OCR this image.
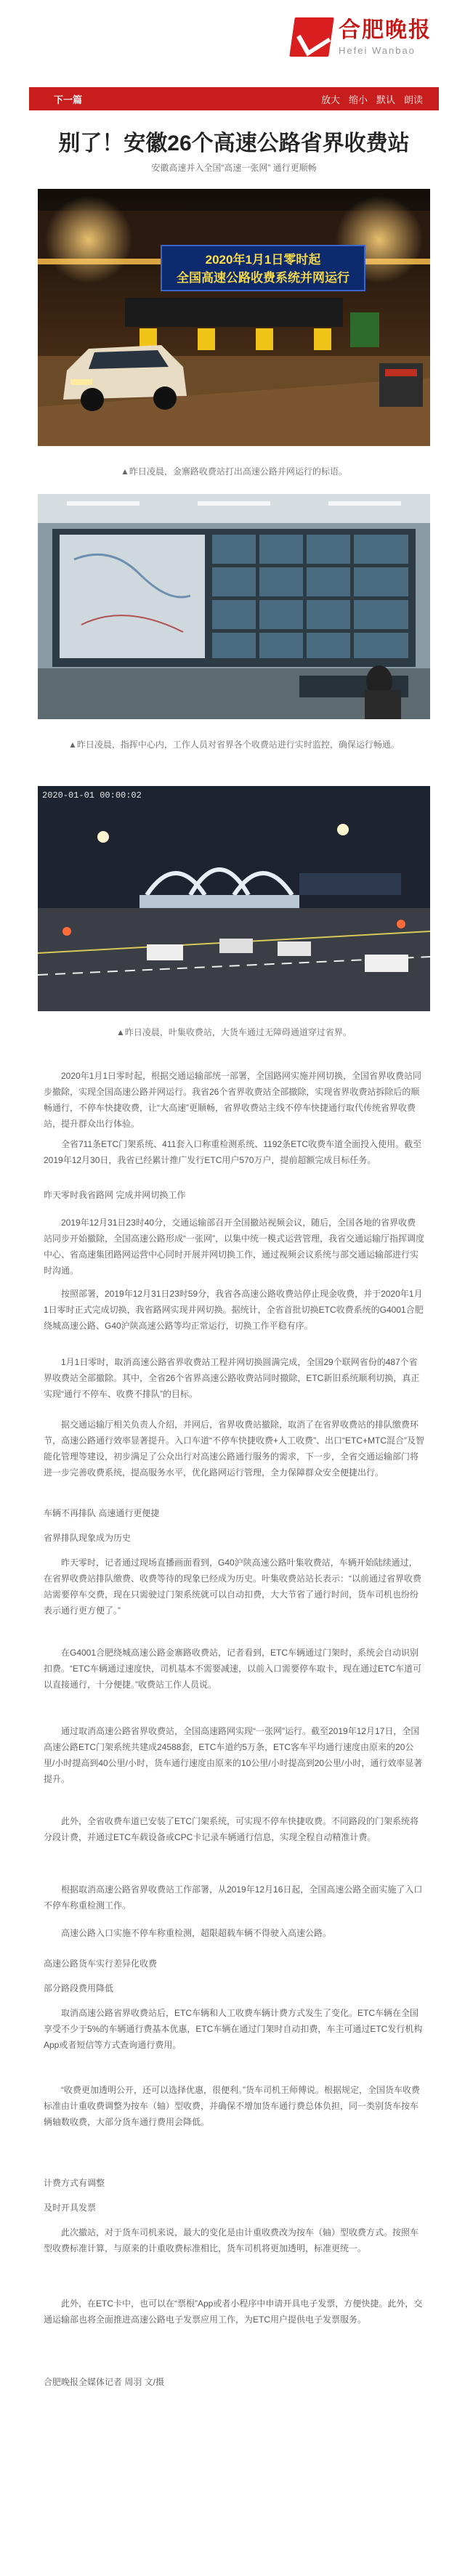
合肥晚报
Hefei Wanbao
下一篇	放大 缩小 默认 朗读
别了！安徽26个高速公路省界收费站
安徽高速并入全国“高速一张网” 通行更顺畅
2020年1月1日零时起
全国高速公路收费系统并网运行
▲昨日凌晨，金寨路收费站打出高速公路并网运行的标语。
▲昨日凌晨，指挥中心内，工作人员对省界各个收费站进行实时监控，确保运行畅通。
2020-01-01 00:00:02
▲昨日凌晨，叶集收费站，大货车通过无障碍通道穿过省界。

2020年1月1日零时起，根据交通运输部统一部署，全国路网实施并网切换，全国省界收费站同步撤除，实现全国高速公路并网运行。我省26个省界收费站全部撤除，实现省界收费站拆除后的顺畅通行，不停车快捷收费，让“大高速”更顺畅，省界收费站主线不停车快捷通行取代传统省界收费站，提升群众出行体验。

全省711条ETC门架系统、411套入口称重检测系统、1192条ETC收费车道全面投入使用。截至2019年12月30日，我省已经累计推广发行ETC用户570万户，提前超额完成目标任务。

昨天零时我省路网 完成并网切换工作

2019年12月31日23时40分，交通运输部召开全国撤站视频会议，随后，全国各地的省界收费站同步开始撤除，全国高速公路形成“一张网”，以集中统一模式运营管理，我省交通运输厅指挥调度中心、省高速集团路网运营中心同时开展并网切换工作，通过视频会议系统与部交通运输部进行实时沟通。

按照部署，2019年12月31日23时59分，我省各高速公路收费站停止现金收费，并于2020年1月1日零时正式完成切换，我省路网实现并网切换。据统计，全省首批切换ETC收费系统的G4001合肥绕城高速公路、G40沪陕高速公路等均正常运行，切换工作平稳有序。

1月1日零时，取消高速公路省界收费站工程并网切换圆满完成，全国29个联网省份的487个省界收费站全部撤除。其中，全省26个省界高速公路收费站同时撤除，ETC新旧系统顺利切换，真正实现“通行不停车、收费不排队”的目标。

据交通运输厅相关负责人介绍，并网后，省界收费站撤除，取消了在省界收费站的排队缴费环节，高速公路通行效率显著提升。入口车道“不停车快捷收费+人工收费”、出口“ETC+MTC混合”及智能化管理等建设，初步满足了公众出行对高速公路通行服务的需求，下一步，全省交通运输部门将进一步完善收费系统，提高服务水平，优化路网运行管理，全力保障群众安全便捷出行。

车辆不再排队 高速通行更便捷
省界排队现象成为历史

昨天零时，记者通过现场直播画面看到，G40沪陕高速公路叶集收费站，车辆开始陆续通过，在省界收费站排队缴费、收费等待的现象已经成为历史。叶集收费站站长表示：“以前通过省界收费站需要停车交费，现在只需驶过门架系统就可以自动扣费，大大节省了通行时间，货车司机也纷纷表示通行更方便了。”

在G4001合肥绕城高速公路金寨路收费站，记者看到，ETC车辆通过门架时，系统会自动识别扣费。“ETC车辆通过速度快，司机基本不需要减速，以前入口需要停车取卡，现在通过ETC车道可以直接通行，十分便捷。”收费站工作人员说。

通过取消高速公路省界收费站，全国高速路网实现“一张网”运行。截至2019年12月17日，全国高速公路ETC门架系统共建成24588套，ETC车道约5万条，ETC客车平均通行速度由原来的20公里/小时提高到40公里/小时，货车通行速度由原来的10公里/小时提高到20公里/小时，通行效率显著提升。

此外，全省收费车道已安装了ETC门架系统，可实现不停车快捷收费。不同路段的门架系统将分段计费，并通过ETC车载设备或CPC卡记录车辆通行信息，实现全程自动精准计费。

根据取消高速公路省界收费站工作部署，从2019年12月16日起，全国高速公路全面实施了入口不停车称重检测工作。

高速公路入口实施不停车称重检测，超限超载车辆不得驶入高速公路。

高速公路货车实行差异化收费
部分路段费用降低

取消高速公路省界收费站后，ETC车辆和人工收费车辆计费方式发生了变化。ETC车辆在全国享受不少于5%的车辆通行费基本优惠，ETC车辆在通过门架时自动扣费，车主可通过ETC发行机构App或者短信等方式查询通行费用。

“收费更加透明公开，还可以选择优惠，很便利。”货车司机王师傅说。根据规定，全国货车收费标准由计重收费调整为按车（轴）型收费，并确保不增加货车通行费总体负担，同一类别货车按车辆轴数收费，大部分货车通行费用会降低。

计费方式有调整
及时开具发票

此次撤站，对于货车司机来说，最大的变化是由计重收费改为按车（轴）型收费方式。按照车型收费标准计算，与原来的计重收费标准相比，货车司机将更加透明，标准更统一。

此外，在ETC卡中，也可以在“票根”App或者小程序中申请开具电子发票，方便快捷。此外，交通运输部也将全面推进高速公路电子发票应用工作，为ETC用户提供电子发票服务。

合肥晚报全媒体记者 周羽 文/摄
